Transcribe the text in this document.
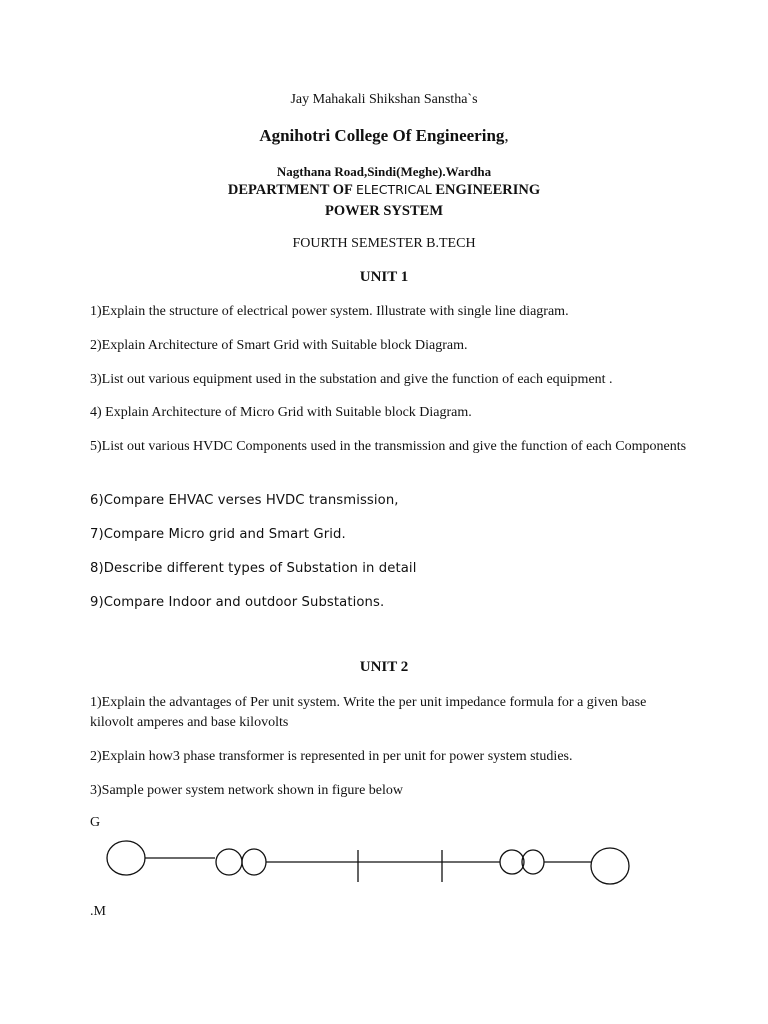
Jay Mahakali Shikshan Sanstha`s
Agnihotri College Of Engineering,
Nagthana Road,Sindi(Meghe).Wardha
DEPARTMENT OF ELECTRICAL ENGINEERING
POWER SYSTEM
FOURTH SEMESTER B.TECH
UNIT 1
1)Explain the structure of electrical power system. Illustrate with single line diagram.
2)Explain Architecture of Smart Grid with Suitable block Diagram.
3)List out various equipment used in the substation and give the function of each equipment .
4) Explain Architecture of Micro Grid with Suitable block Diagram.
5)List out various HVDC Components used in the transmission and give the function of each Components
6)Compare EHVAC verses HVDC transmission,
7)Compare Micro grid and Smart Grid.
8)Describe different types of Substation in detail
9)Compare Indoor and outdoor Substations.
UNIT 2
1)Explain the advantages of Per unit system. Write the per unit impedance formula for a given base kilovolt amperes and base kilovolts
2)Explain how3 phase transformer is represented in per unit for power system studies.
3)Sample power system network shown in figure below
G
.M
